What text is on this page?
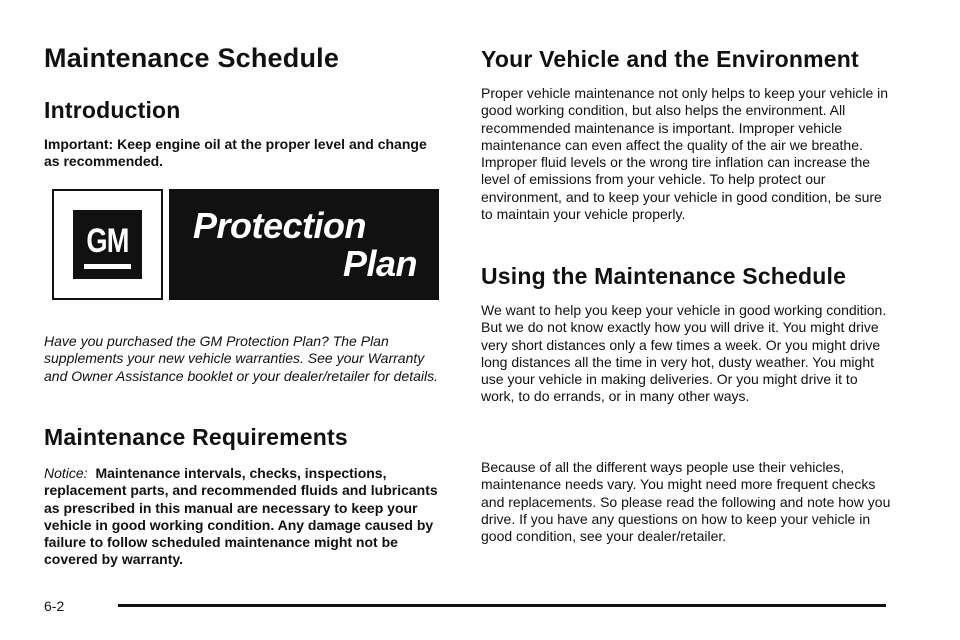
Maintenance Schedule
Introduction

Important: Keep engine oil at the proper level and change as recommended.

GM Protection
Plan

Have you purchased the GM Protection Plan? The Plan supplements your new vehicle warranties. See your Warranty and Owner Assistance booklet or your dealer/retailer for details.

Maintenance Requirements

Notice: Maintenance intervals, checks, inspections, replacement parts, and recommended fluids and lubricants as prescribed in this manual are necessary to keep your vehicle in good working condition. Any damage caused by failure to follow scheduled maintenance might not be covered by warranty.

Your Vehicle and the Environment

Proper vehicle maintenance not only helps to keep your vehicle in good working condition, but also helps the environment. All recommended maintenance is important. Improper vehicle maintenance can even affect the quality of the air we breathe. Improper fluid levels or the wrong tire inflation can increase the level of emissions from your vehicle. To help protect our environment, and to keep your vehicle in good condition, be sure to maintain your vehicle properly.

Using the Maintenance Schedule

We want to help you keep your vehicle in good working condition. But we do not know exactly how you will drive it. You might drive very short distances only a few times a week. Or you might drive long distances all the time in very hot, dusty weather. You might use your vehicle in making deliveries. Or you might drive it to work, to do errands, or in many other ways.

Because of all the different ways people use their vehicles, maintenance needs vary. You might need more frequent checks and replacements. So please read the following and note how you drive. If you have any questions on how to keep your vehicle in good condition, see your dealer/retailer.

6-2
